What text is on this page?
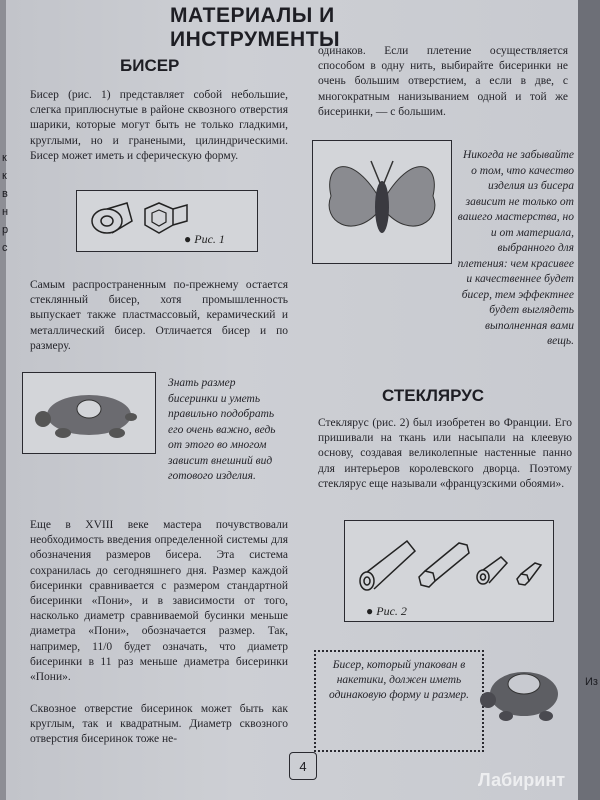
МАТЕРИАЛЫ И ИНСТРУМЕНТЫ
БИСЕР
Бисер (рис. 1) представляет собой небольшие, слегка приплюснутые в районе сквозного отверстия шарики, которые могут быть не только гладкими, круглыми, но и гранеными, цилиндрическими. Бисер может иметь и сферическую форму.
● Рис. 1
Самым распространенным по-прежнему остается стеклянный бисер, хотя промышленность выпускает также пластмассовый, керамический и металлический бисер. Отличается бисер и по размеру.
Знать размер бисеринки и уметь правильно подобрать его очень важно, ведь от этого во многом зависит внешний вид готового изделия.
Еще в XVIII веке мастера почувствовали необходимость введения определенной системы для обозначения размеров бисера. Эта система сохранилась до сегодняшнего дня. Размер каждой бисеринки сравнивается с размером стандартной бисеринки «Пони», и в зависимости от того, насколько диаметр сравниваемой бусинки меньше диаметра «Пони», обозначается размер. Так, например, 11/0 будет означать, что диаметр бисеринки в 11 раз меньше диаметра бисеринки «Пони».
Сквозное отверстие бисеринок может быть как круглым, так и квадратным. Диаметр сквозного отверстия бисеринок тоже не-
одинаков. Если плетение осуществляется способом в одну нить, выбирайте бисеринки не очень большим отверстием, а если в две, с многократным нанизыванием одной и той же бисеринки, — с большим.
Никогда не забывайте о том, что качество изделия из бисера зависит не только от вашего мастерства, но и от материала, выбранного для плетения: чем красивее и качественнее будет бисер, тем эффектнее будет выглядеть выполненная вами вещь.
СТЕКЛЯРУС
Стеклярус (рис. 2) был изобретен во Франции. Его пришивали на ткань или насыпали на клеевую основу, создавая великолепные настенные панно для интерьеров королевского дворца. Поэтому стеклярус еще называли «французскими обоями».
● Рис. 2
Бисер, который упакован в накетики, должен иметь одинаковую форму и размер.
4
Лабиринт
к
к
в
н
р
с
Из
